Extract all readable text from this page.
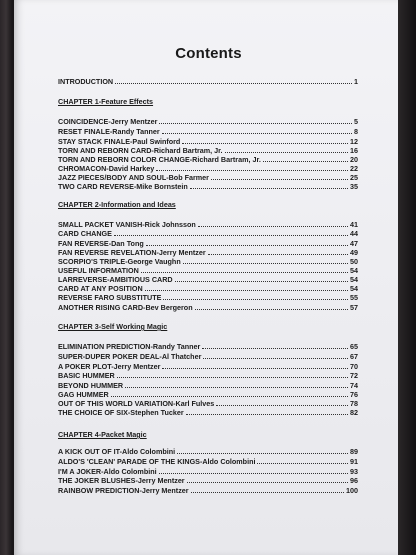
Contents
INTRODUCTION	1
CHAPTER 1-Feature Effects
COINCIDENCE-Jerry Mentzer	5
RESET FINALE-Randy Tanner	8
STAY STACK FINALE-Paul Swinford	12
TORN AND REBORN CARD-Richard Bartram, Jr.	16
TORN AND REBORN COLOR CHANGE-Richard Bartram, Jr.	20
CHROMACON-David Harkey	22
JAZZ PIECES/BODY AND SOUL-Bob Farmer	25
TWO CARD REVERSE-Mike Bornstein	35
CHAPTER 2-Information and Ideas
SMALL PACKET VANISH-Rick Johnsson	41
CARD CHANGE	44
FAN REVERSE-Dan Tong	47
FAN REVERSE REVELATION-Jerry Mentzer	49
SCORPIO'S TRIPLE-George Vaughn	50
USEFUL INFORMATION	54
LARREVERSE-AMBITIOUS CARD	54
CARD AT ANY POSITION	54
REVERSE FARO SUBSTITUTE	55
ANOTHER RISING CARD-Bev Bergeron	57
CHAPTER 3-Self Working Magic
ELIMINATION PREDICTION-Randy Tanner	65
SUPER-DUPER POKER DEAL-Al Thatcher	67
A POKER PLOT-Jerry Mentzer	70
BASIC HUMMER	72
BEYOND HUMMER	74
GAG HUMMER	76
OUT OF THIS WORLD VARIATION-Karl Fulves	78
THE CHOICE OF SIX-Stephen Tucker	82
CHAPTER 4-Packet Magic
A KICK OUT OF IT-Aldo Colombini	89
ALDO'S 'CLEAN' PARADE OF THE KINGS-Aldo Colombini	91
I'M A JOKER-Aldo Colombini	93
THE JOKER BLUSHES-Jerry Mentzer	96
RAINBOW PREDICTION-Jerry Mentzer	100
